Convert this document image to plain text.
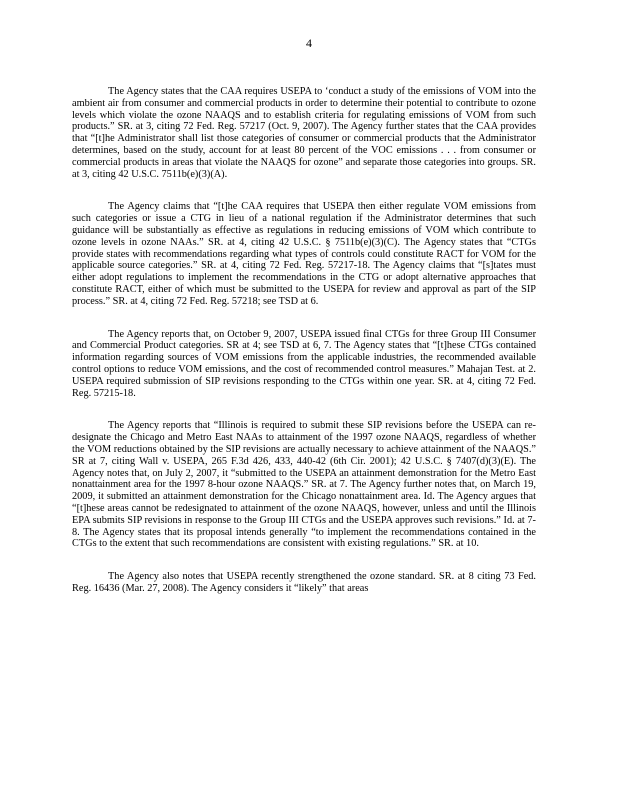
4

The Agency states that the CAA requires USEPA to ‘conduct a study of the emissions of VOM into the ambient air from consumer and commercial products in order to determine their potential to contribute to ozone levels which violate the ozone NAAQS and to establish criteria for regulating emissions of VOM from such products.” SR. at 3, citing 72 Fed. Reg. 57217 (Oct. 9, 2007). The Agency further states that the CAA provides that “[t]he Administrator shall list those categories of consumer or commercial products that the Administrator determines, based on the study, account for at least 80 percent of the VOC emissions . . . from consumer or commercial products in areas that violate the NAAQS for ozone” and separate those categories into groups. SR. at 3, citing 42 U.S.C. 7511b(e)(3)(A).

The Agency claims that “[t]he CAA requires that USEPA then either regulate VOM emissions from such categories or issue a CTG in lieu of a national regulation if the Administrator determines that such guidance will be substantially as effective as regulations in reducing emissions of VOM which contribute to ozone levels in ozone NAAs.” SR. at 4, citing 42 U.S.C. § 7511b(e)(3)(C). The Agency states that “CTGs provide states with recommendations regarding what types of controls could constitute RACT for VOM for the applicable source categories.” SR. at 4, citing 72 Fed. Reg. 57217-18. The Agency claims that “[s]tates must either adopt regulations to implement the recommendations in the CTG or adopt alternative approaches that constitute RACT, either of which must be submitted to the USEPA for review and approval as part of the SIP process.” SR. at 4, citing 72 Fed. Reg. 57218; see TSD at 6.

The Agency reports that, on October 9, 2007, USEPA issued final CTGs for three Group III Consumer and Commercial Product categories. SR at 4; see TSD at 6, 7. The Agency states that “[t]hese CTGs contained information regarding sources of VOM emissions from the applicable industries, the recommended available control options to reduce VOM emissions, and the cost of recommended control measures.” Mahajan Test. at 2. USEPA required submission of SIP revisions responding to the CTGs within one year. SR. at 4, citing 72 Fed. Reg. 57215-18.

The Agency reports that “Illinois is required to submit these SIP revisions before the USEPA can re-designate the Chicago and Metro East NAAs to attainment of the 1997 ozone NAAQS, regardless of whether the VOM reductions obtained by the SIP revisions are actually necessary to achieve attainment of the NAAQS.” SR at 7, citing Wall v. USEPA, 265 F.3d 426, 433, 440-42 (6th Cir. 2001); 42 U.S.C. § 7407(d)(3)(E). The Agency notes that, on July 2, 2007, it “submitted to the USEPA an attainment demonstration for the Metro East nonattainment area for the 1997 8-hour ozone NAAQS.” SR. at 7. The Agency further notes that, on March 19, 2009, it submitted an attainment demonstration for the Chicago nonattainment area. Id. The Agency argues that “[t]hese areas cannot be redesignated to attainment of the ozone NAAQS, however, unless and until the Illinois EPA submits SIP revisions in response to the Group III CTGs and the USEPA approves such revisions.” Id. at 7-8. The Agency states that its proposal intends generally “to implement the recommendations contained in the CTGs to the extent that such recommendations are consistent with existing regulations.” SR. at 10.

The Agency also notes that USEPA recently strengthened the ozone standard. SR. at 8 citing 73 Fed. Reg. 16436 (Mar. 27, 2008). The Agency considers it “likely” that areas
